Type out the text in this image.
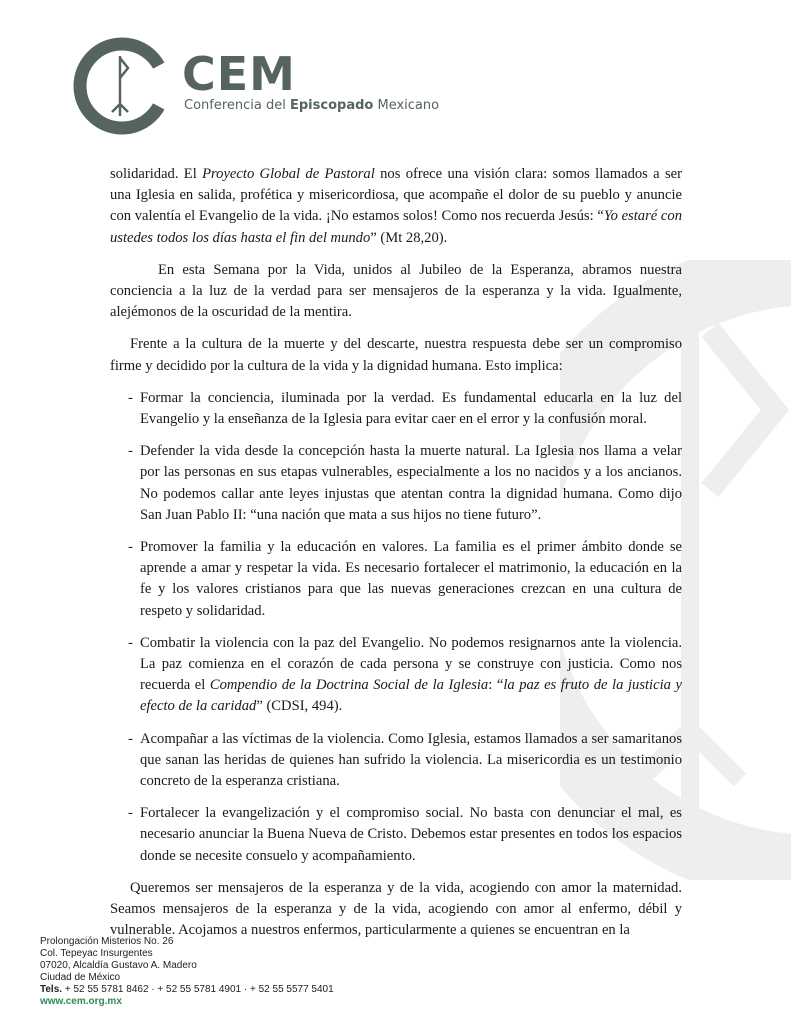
CEM
Conferencia del Episcopado Mexicano

solidaridad. El Proyecto Global de Pastoral nos ofrece una visión clara: somos llamados a ser una Iglesia en salida, profética y misericordiosa, que acompañe el dolor de su pueblo y anuncie con valentía el Evangelio de la vida. ¡No estamos solos! Como nos recuerda Jesús: “Yo estaré con ustedes todos los días hasta el fin del mundo” (Mt 28,20).

En esta Semana por la Vida, unidos al Jubileo de la Esperanza, abramos nuestra conciencia a la luz de la verdad para ser mensajeros de la esperanza y la vida. Igualmente, alejémonos de la oscuridad de la mentira.

Frente a la cultura de la muerte y del descarte, nuestra respuesta debe ser un compromiso firme y decidido por la cultura de la vida y la dignidad humana. Esto implica:

- Formar la conciencia, iluminada por la verdad. Es fundamental educarla en la luz del Evangelio y la enseñanza de la Iglesia para evitar caer en el error y la confusión moral.
- Defender la vida desde la concepción hasta la muerte natural. La Iglesia nos llama a velar por las personas en sus etapas vulnerables, especialmente a los no nacidos y a los ancianos. No podemos callar ante leyes injustas que atentan contra la dignidad humana. Como dijo San Juan Pablo II: “una nación que mata a sus hijos no tiene futuro”.
- Promover la familia y la educación en valores. La familia es el primer ámbito donde se aprende a amar y respetar la vida. Es necesario fortalecer el matrimonio, la educación en la fe y los valores cristianos para que las nuevas generaciones crezcan en una cultura de respeto y solidaridad.
- Combatir la violencia con la paz del Evangelio. No podemos resignarnos ante la violencia. La paz comienza en el corazón de cada persona y se construye con justicia. Como nos recuerda el Compendio de la Doctrina Social de la Iglesia: “la paz es fruto de la justicia y efecto de la caridad” (CDSI, 494).
- Acompañar a las víctimas de la violencia. Como Iglesia, estamos llamados a ser samaritanos que sanan las heridas de quienes han sufrido la violencia. La misericordia es un testimonio concreto de la esperanza cristiana.
- Fortalecer la evangelización y el compromiso social. No basta con denunciar el mal, es necesario anunciar la Buena Nueva de Cristo. Debemos estar presentes en todos los espacios donde se necesite consuelo y acompañamiento.

Queremos ser mensajeros de la esperanza y de la vida, acogiendo con amor la maternidad. Seamos mensajeros de la esperanza y de la vida, acogiendo con amor al enfermo, débil y vulnerable. Acojamos a nuestros enfermos, particularmente a quienes se encuentran en la

Prolongación Misterios No. 26
Col. Tepeyac Insurgentes
07020, Alcaldía Gustavo A. Madero
Ciudad de México
Tels. + 52 55 5781 8462 · + 52 55 5781 4901 · + 52 55 5577 5401
www.cem.org.mx
